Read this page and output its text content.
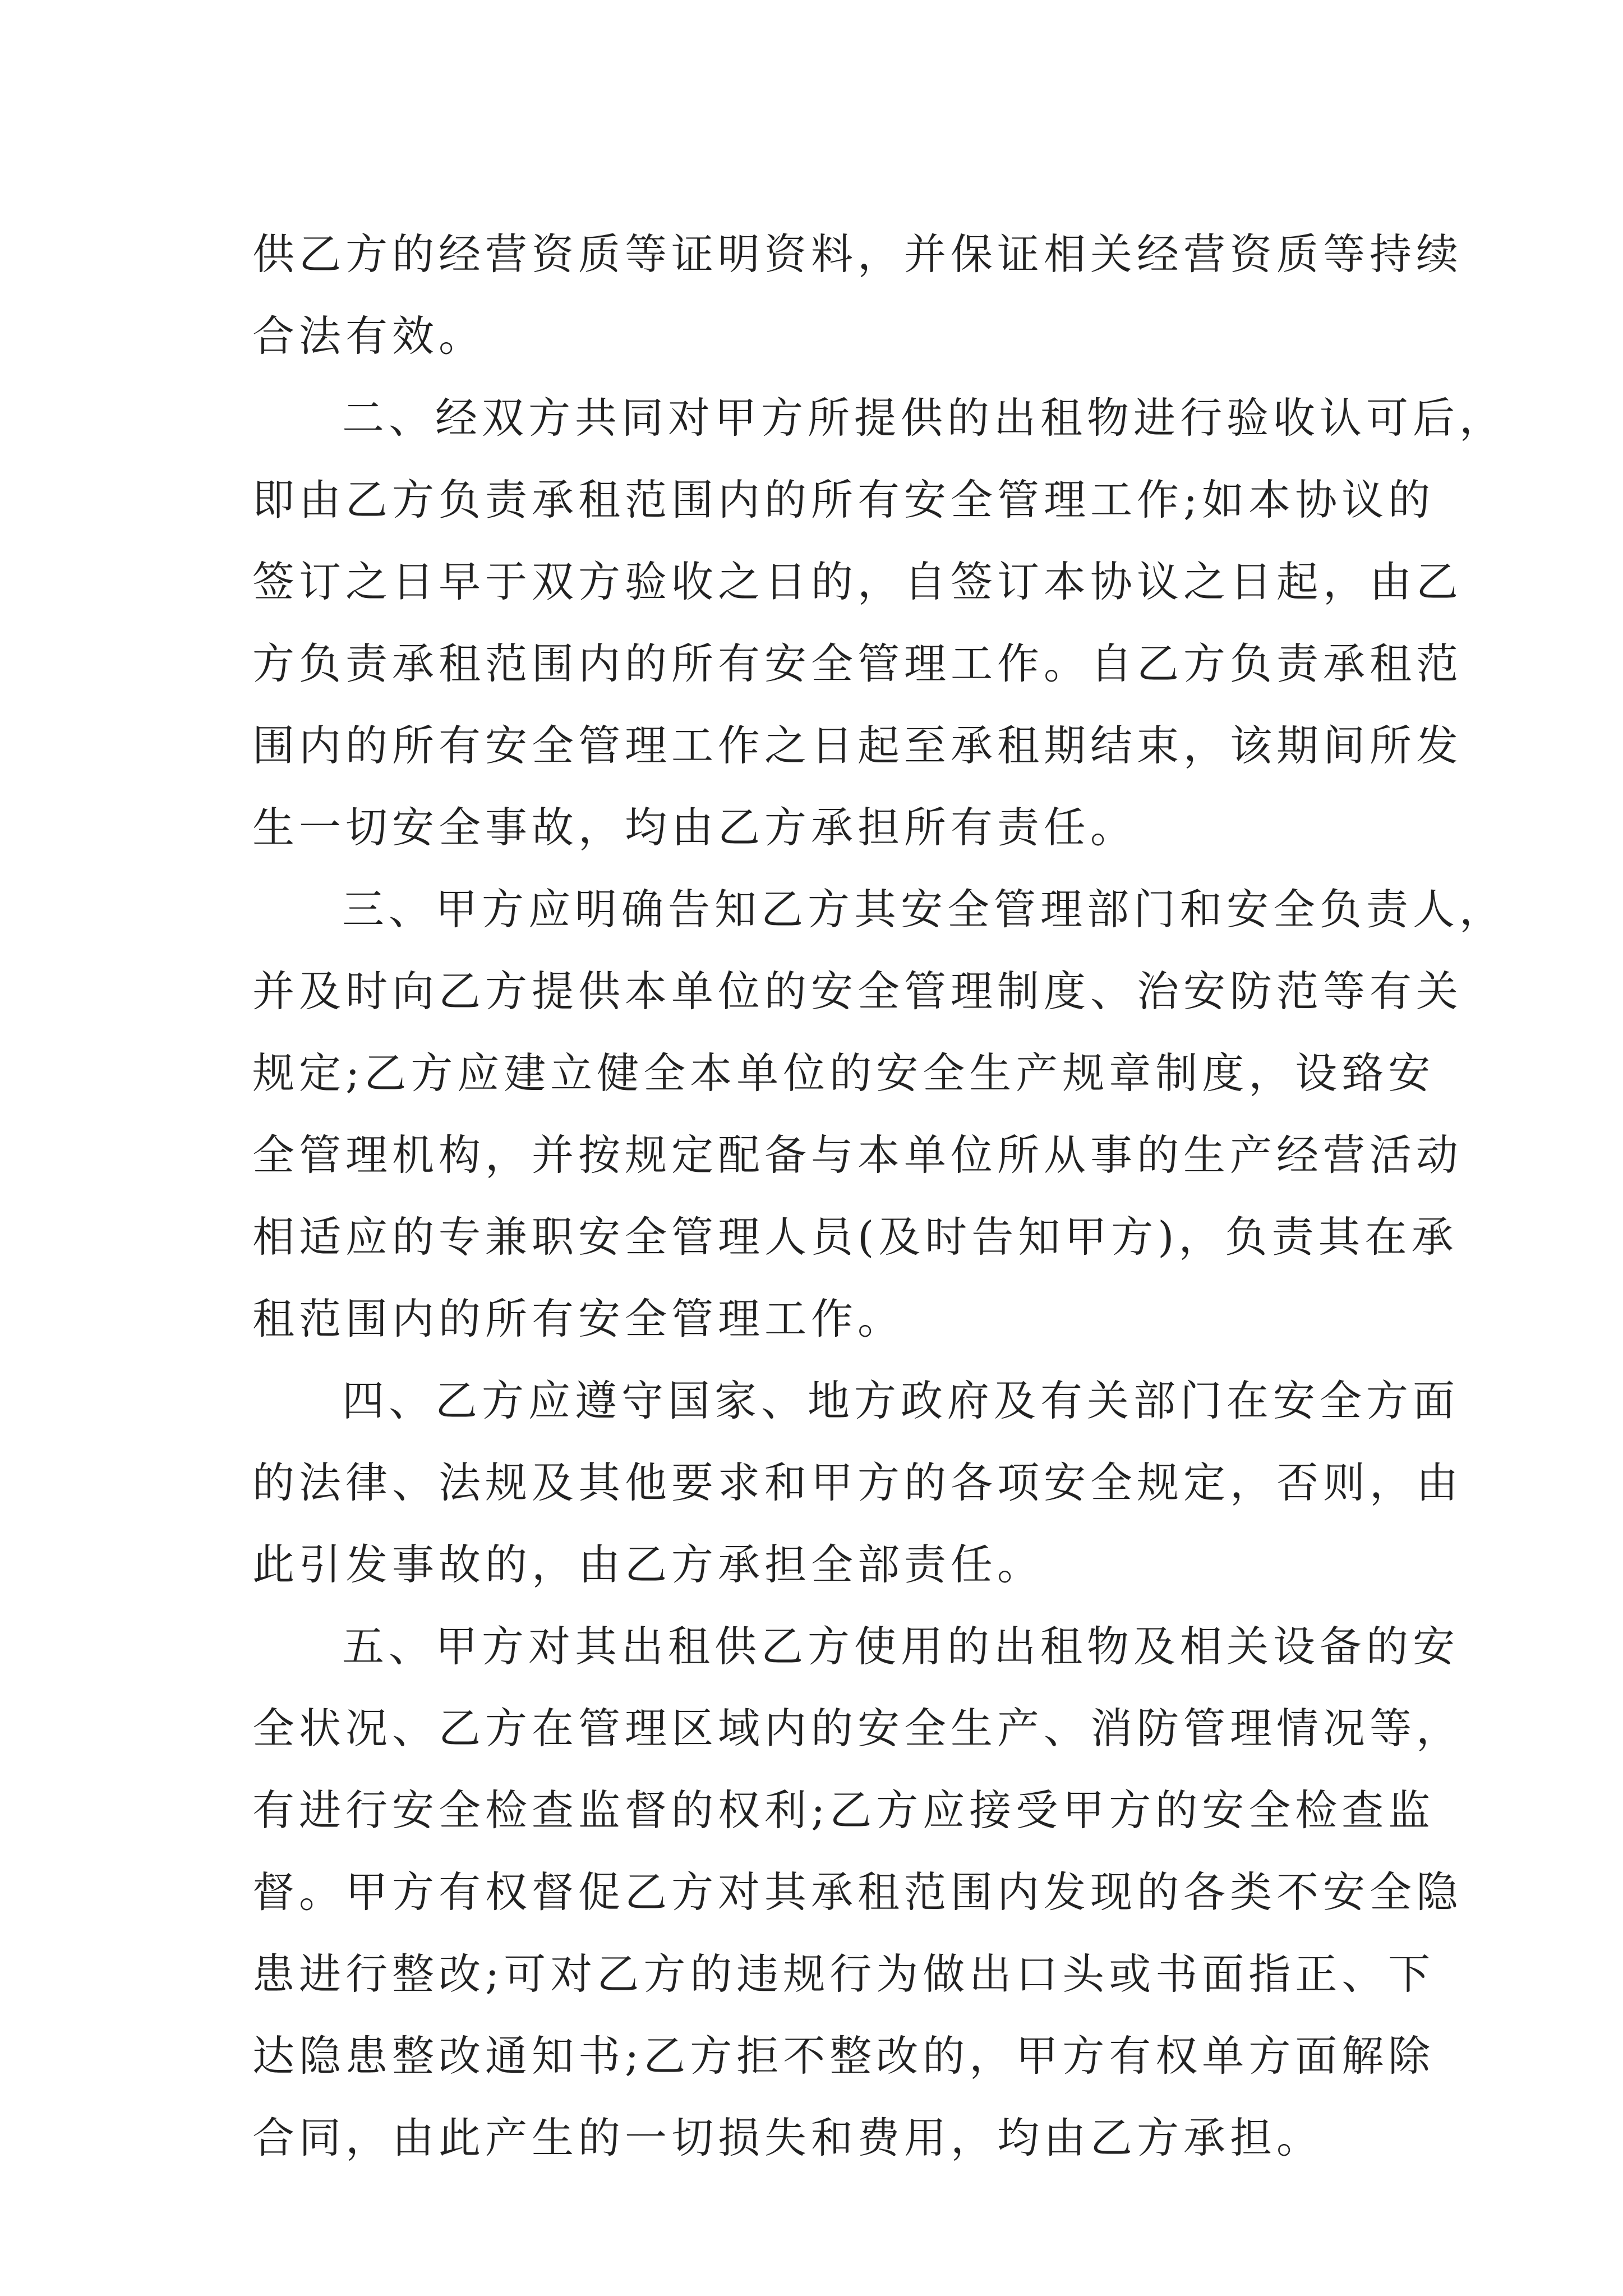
供乙方的经营资质等证明资料，并保证相关经营资质等持续
合法有效。
二、经双方共同对甲方所提供的出租物进行验收认可后，
即由乙方负责承租范围内的所有安全管理工作;如本协议的
签订之日早于双方验收之日的，自签订本协议之日起，由乙
方负责承租范围内的所有安全管理工作。自乙方负责承租范
围内的所有安全管理工作之日起至承租期结束，该期间所发
生一切安全事故，均由乙方承担所有责任。
三、甲方应明确告知乙方其安全管理部门和安全负责人，
并及时向乙方提供本单位的安全管理制度、治安防范等有关
规定;乙方应建立健全本单位的安全生产规章制度，设臵安
全管理机构，并按规定配备与本单位所从事的生产经营活动
相适应的专兼职安全管理人员(及时告知甲方)，负责其在承
租范围内的所有安全管理工作。
四、乙方应遵守国家、地方政府及有关部门在安全方面
的法律、法规及其他要求和甲方的各项安全规定，否则，由
此引发事故的，由乙方承担全部责任。
五、甲方对其出租供乙方使用的出租物及相关设备的安
全状况、乙方在管理区域内的安全生产、消防管理情况等，
有进行安全检查监督的权利;乙方应接受甲方的安全检查监
督。甲方有权督促乙方对其承租范围内发现的各类不安全隐
患进行整改;可对乙方的违规行为做出口头或书面指正、下
达隐患整改通知书;乙方拒不整改的，甲方有权单方面解除
合同，由此产生的一切损失和费用，均由乙方承担。
